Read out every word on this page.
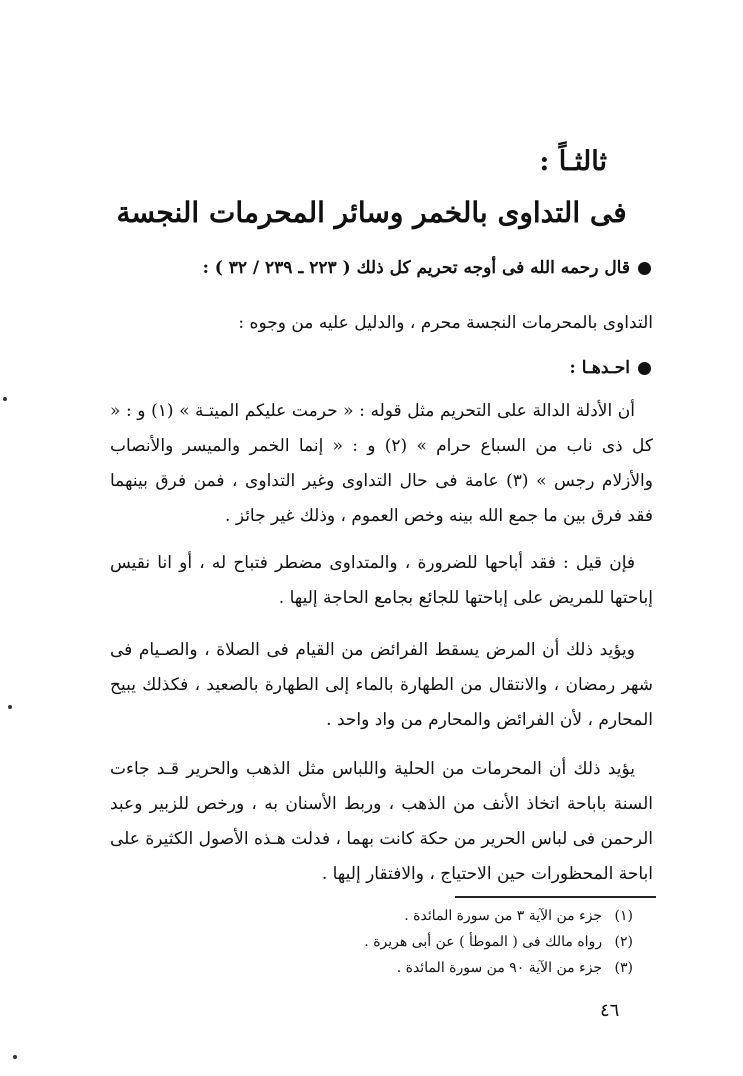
ثالثـاً :
فى التداوى بالخمر وسائر المحرمات النجسة
قال رحمه الله فى أوجه تحريم كل ذلك ( ٢٢٣ ـ ٢٣٩ / ٣٢ ) :
التداوى بالمحرمات النجسة محرم ، والدليل عليه من وجوه :
احـدهـا :
أن الأدلة الدالة على التحريم مثل قوله : « حرمت عليكم الميتـة » (١) و : « كل ذى ناب من السباع حرام » (٢) و : « إنما الخمر والميسر والأنصاب والأزلام رجس » (٣) عامة فى حال التداوى وغير التداوى ، فمن فرق بينهما فقد فرق بين ما جمع الله بينه وخص العموم ، وذلك غير جائز .
فإن قيل : فقد أباحها للضرورة ، والمتداوى مضطر فتباح له ، أو انا نقيس إباحتها للمريض على إباحتها للجائع بجامع الحاجة إليها .
ويؤيد ذلك أن المرض يسقط الفرائض من القيام فى الصلاة ، والصـيام فى شهر رمضان ، والانتقال من الطهارة بالماء إلى الطهارة بالصعيد ، فكذلك يبيح المحارم ، لأن الفرائض والمحارم من واد واحد .
يؤيد ذلك أن المحرمات من الحلية واللباس مثل الذهب والحرير قـد جاءت السنة باباحة اتخاذ الأنف من الذهب ، وربط الأسنان به ، ورخص للزبير وعبد الرحمن فى لباس الحرير من حكة كانت بهما ، فدلت هـذه الأصول الكثيرة على اباحة المحظورات حين الاحتياج ، والافتقار إليها .
(١) جزء من الآية ٣ من سورة المائدة .
(٢) رواه مالك فى ( الموطأ ) عن أبى هريرة .
(٣) جزء من الآية ٩٠ من سورة المائدة .
٤٦
